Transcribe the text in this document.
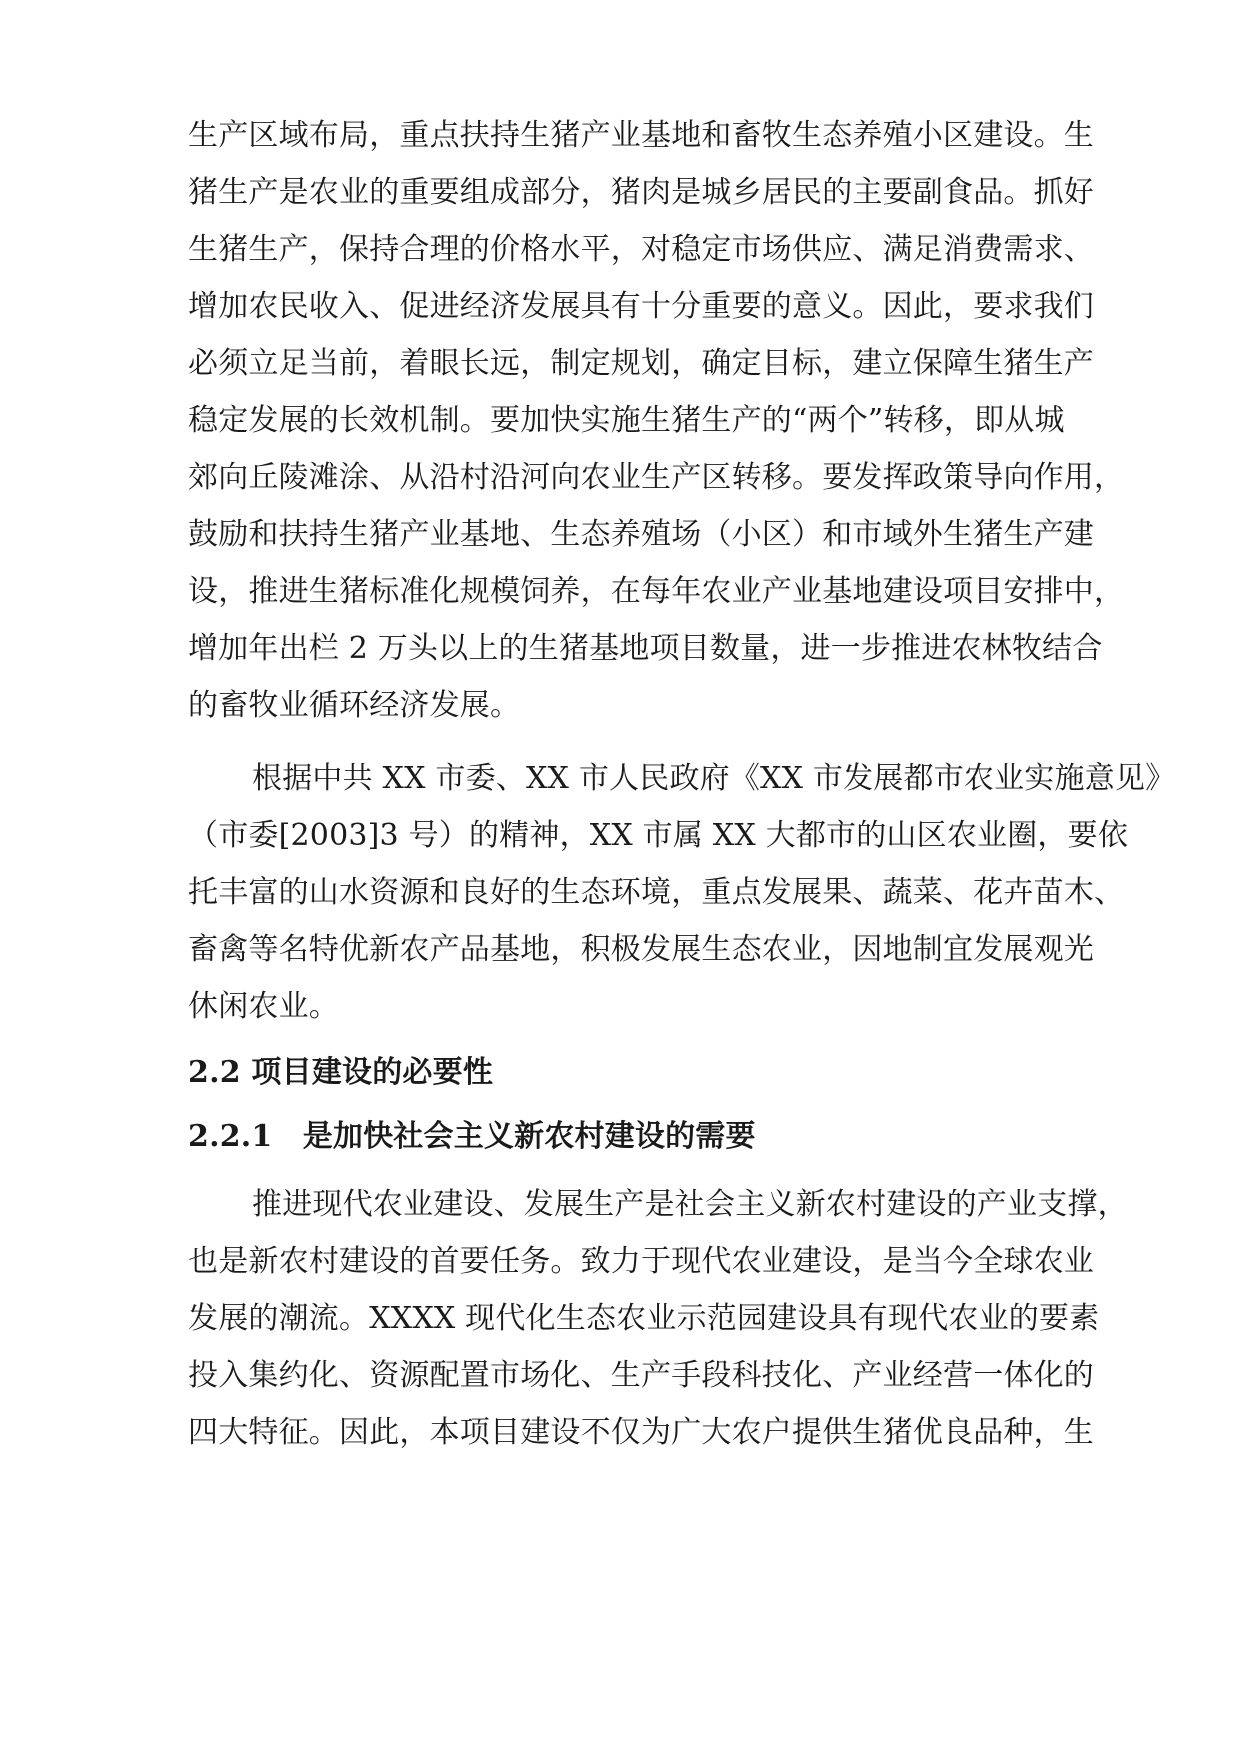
生产区域布局，重点扶持生猪产业基地和畜牧生态养殖小区建设。生
猪生产是农业的重要组成部分，猪肉是城乡居民的主要副食品。抓好
生猪生产，保持合理的价格水平，对稳定市场供应、满足消费需求、
增加农民收入、促进经济发展具有十分重要的意义。因此，要求我们
必须立足当前，着眼长远，制定规划，确定目标，建立保障生猪生产
稳定发展的长效机制。要加快实施生猪生产的“两个”转移，即从城
郊向丘陵滩涂、从沿村沿河向农业生产区转移。要发挥政策导向作用，
鼓励和扶持生猪产业基地、生态养殖场（小区）和市域外生猪生产建
设，推进生猪标准化规模饲养，在每年农业产业基地建设项目安排中，
增加年出栏 2 万头以上的生猪基地项目数量，进一步推进农林牧结合
的畜牧业循环经济发展。
根据中共 XX 市委、XX 市人民政府《XX 市发展都市农业实施意见》
（市委[2003]3 号）的精神，XX 市属 XX 大都市的山区农业圈，要依
托丰富的山水资源和良好的生态环境，重点发展果、蔬菜、花卉苗木、
畜禽等名特优新农产品基地，积极发展生态农业，因地制宜发展观光
休闲农业。
2.2 项目建设的必要性
2.2.1　是加快社会主义新农村建设的需要
推进现代农业建设、发展生产是社会主义新农村建设的产业支撑，
也是新农村建设的首要任务。致力于现代农业建设，是当今全球农业
发展的潮流。XXXX 现代化生态农业示范园建设具有现代农业的要素
投入集约化、资源配置市场化、生产手段科技化、产业经营一体化的
四大特征。因此，本项目建设不仅为广大农户提供生猪优良品种，生
